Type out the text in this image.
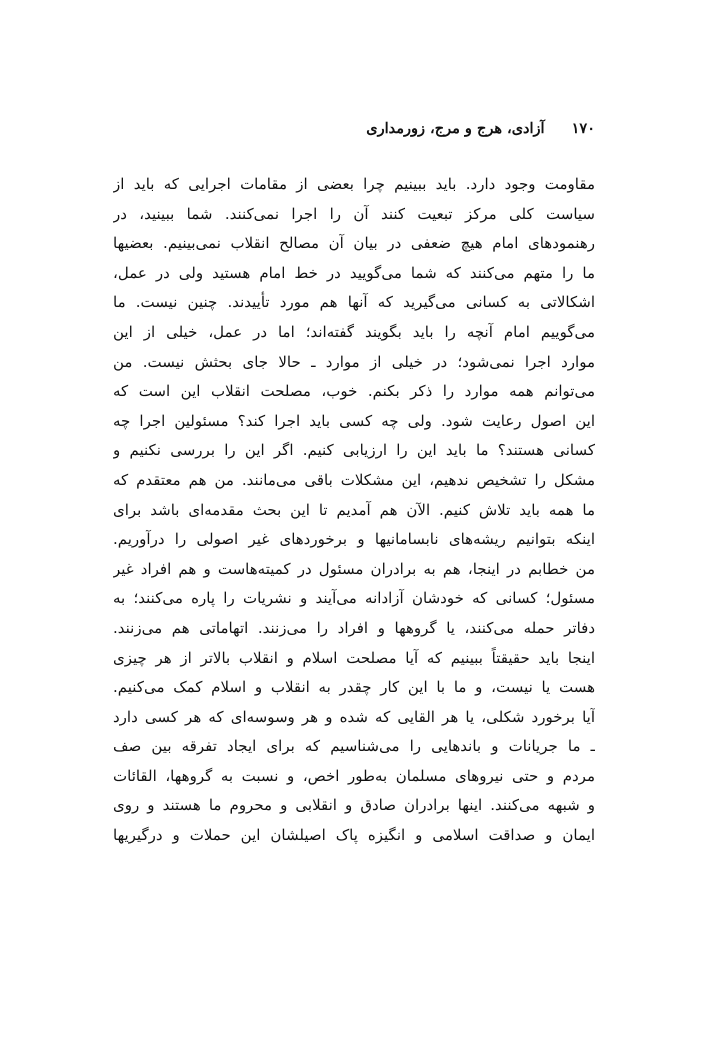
۱۷۰ آزادی، هرج و مرج، زورمداری
مقاومت وجود دارد. باید ببینیم چرا بعضی از مقامات اجرایی که باید از
سیاست کلی مرکز تبعیت کنند آن را اجرا نمی‌کنند. شما ببینید، در
رهنمودهای امام هیچ ضعفی در بیان آن مصالح انقلاب نمی‌بینیم. بعضیها
ما را متهم می‌کنند که شما می‌گویید در خط امام هستید ولی در عمل،
اشکالاتی به کسانی می‌گیرید که آنها هم مورد تأییدند. چنین نیست. ما
می‌گوییم امام آنچه را باید بگویند گفته‌اند؛ اما در عمل، خیلی از این
موارد اجرا نمی‌شود؛ در خیلی از موارد ـ حالا جای بحثش نیست. من
می‌توانم همه موارد را ذکر بکنم. خوب، مصلحت انقلاب این است که
این اصول رعایت شود. ولی چه کسی باید اجرا کند؟ مسئولین اجرا چه
کسانی هستند؟ ما باید این را ارزیابی کنیم. اگر این را بررسی نکنیم و
مشکل را تشخیص ندهیم، این مشکلات باقی می‌مانند. من هم معتقدم که
ما همه باید تلاش کنیم. الآن هم آمدیم تا این بحث مقدمه‌ای باشد برای
اینکه بتوانیم ریشه‌های نابسامانیها و برخوردهای غیر اصولی را درآوریم.
من خطابم در اینجا، هم به برادران مسئول در کمیته‌هاست و هم افراد غیر
مسئول؛ کسانی که خودشان آزادانه می‌آیند و نشریات را پاره می‌کنند؛ به
دفاتر حمله می‌کنند، یا گروهها و افراد را می‌زنند. اتهاماتی هم می‌زنند.
اینجا باید حقیقتاً ببینیم که آیا مصلحت اسلام و انقلاب بالاتر از هر چیزی
هست یا نیست، و ما با این کار چقدر به انقلاب و اسلام کمک می‌کنیم.
آیا برخورد شکلی، یا هر القایی که شده و هر وسوسه‌ای که هر کسی دارد
ـ ما جریانات و باندهایی را می‌شناسیم که برای ایجاد تفرقه بین صف
مردم و حتی نیروهای مسلمان به‌طور اخص، و نسبت به گروهها، القائات
و شبهه می‌کنند. اینها برادران صادق و انقلابی و محروم ما هستند و روی
ایمان و صداقت اسلامی و انگیزه پاک اصیلشان این حملات و درگیریها
